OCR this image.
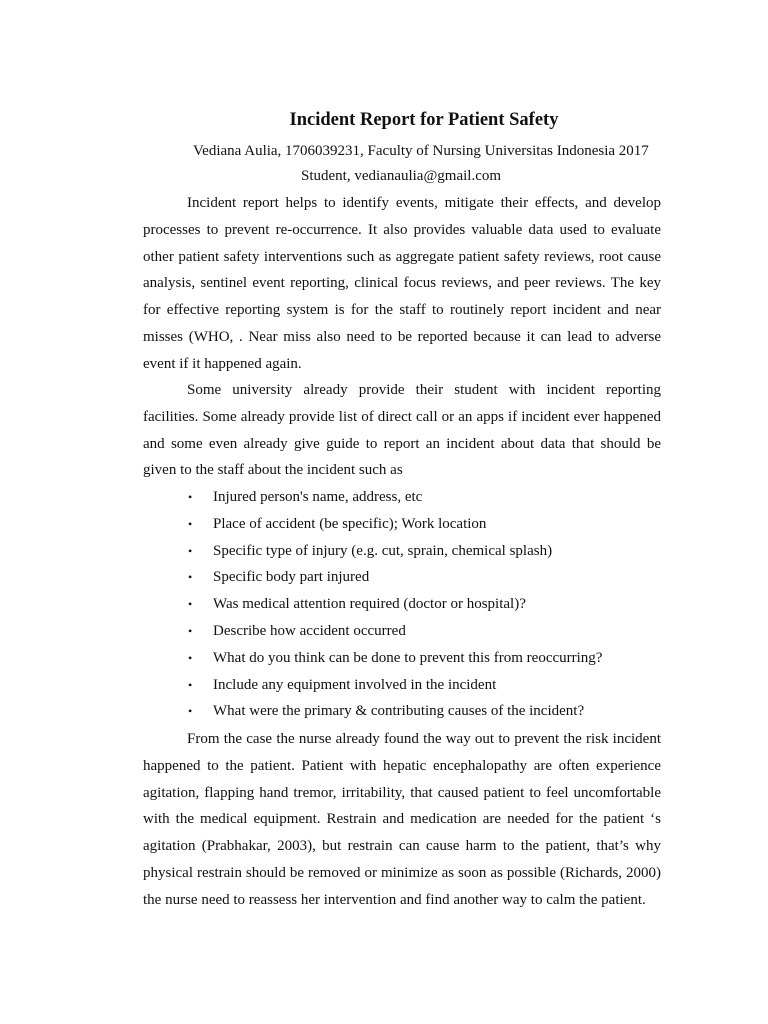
Incident Report for Patient Safety

Vediana Aulia, 1706039231, Faculty of Nursing Universitas Indonesia 2017

Student, vedianaulia@gmail.com

Incident report helps to identify events, mitigate their effects, and develop processes to prevent re-occurrence. It also provides valuable data used to evaluate other patient safety interventions such as aggregate patient safety reviews, root cause analysis, sentinel event reporting, clinical focus reviews, and peer reviews. The key for effective reporting system is for the staff to routinely report incident and near misses (WHO, . Near miss also need to be reported because it can lead to adverse event if it happened again.

Some university already provide their student with incident reporting facilities. Some already provide list of direct call or an apps if incident ever happened and some even already give guide to report an incident about data that should be given to the staff about the incident such as

• Injured person's name, address, etc
• Place of accident (be specific); Work location
• Specific type of injury (e.g. cut, sprain, chemical splash)
• Specific body part injured
• Was medical attention required (doctor or hospital)?
• Describe how accident occurred
• What do you think can be done to prevent this from reoccurring?
• Include any equipment involved in the incident
• What were the primary & contributing causes of the incident?

From the case the nurse already found the way out to prevent the risk incident happened to the patient. Patient with hepatic encephalopathy are often experience agitation, flapping hand tremor, irritability, that caused patient to feel uncomfortable with the medical equipment. Restrain and medication are needed for the patient ‘s agitation (Prabhakar, 2003), but restrain can cause harm to the patient, that’s why physical restrain should be removed or minimize as soon as possible (Richards, 2000) the nurse need to reassess her intervention and find another way to calm the patient.
